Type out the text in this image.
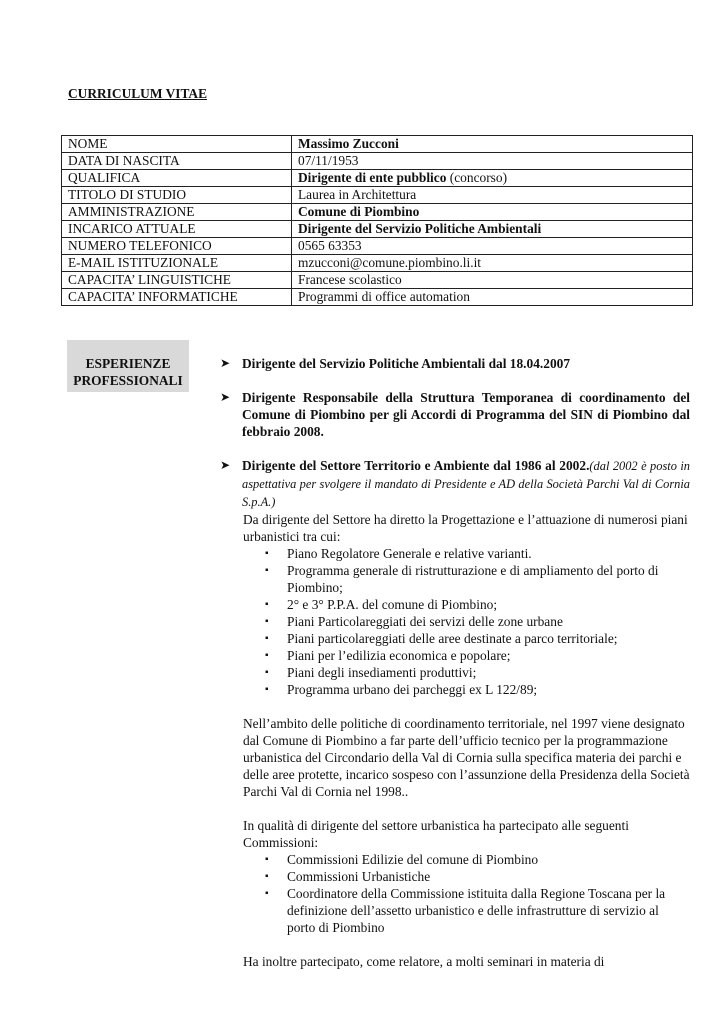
CURRICULUM VITAE
NOME	Massimo Zucconi
DATA DI NASCITA	07/11/1953
QUALIFICA	Dirigente di ente pubblico (concorso)
TITOLO DI STUDIO	Laurea in Architettura
AMMINISTRAZIONE	Comune di Piombino
INCARICO ATTUALE	Dirigente del Servizio Politiche Ambientali
NUMERO TELEFONICO	0565 63353
E-MAIL ISTITUZIONALE	mzucconi@comune.piombino.li.it
CAPACITA’ LINGUISTICHE	Francese scolastico
CAPACITA’ INFORMATICHE	Programmi di office automation
ESPERIENZE
PROFESSIONALI
➤ Dirigente del Servizio Politiche Ambientali dal 18.04.2007
➤ Dirigente Responsabile della Struttura Temporanea di coordinamento del Comune di Piombino per gli Accordi di Programma del SIN di Piombino dal febbraio 2008.
➤ Dirigente del Settore Territorio e Ambiente dal 1986 al 2002.(dal 2002 è posto in aspettativa per svolgere il mandato di Presidente e AD della Società Parchi Val di Cornia S.p.A.)
Da dirigente del Settore ha diretto la Progettazione e l’attuazione di numerosi piani urbanistici tra cui:
▪ Piano Regolatore Generale e relative varianti.
▪ Programma generale di ristrutturazione e di ampliamento del porto di Piombino;
▪ 2° e 3° P.P.A. del comune di Piombino;
▪ Piani Particolareggiati dei servizi delle zone urbane
▪ Piani particolareggiati delle aree destinate a parco territoriale;
▪ Piani per l’edilizia economica e popolare;
▪ Piani degli insediamenti produttivi;
▪ Programma urbano dei parcheggi ex L 122/89;
Nell’ambito delle politiche di coordinamento territoriale, nel 1997 viene designato dal Comune di Piombino a far parte dell’ufficio tecnico per la programmazione urbanistica del Circondario della Val di Cornia sulla specifica materia dei parchi e delle aree protette, incarico sospeso con l’assunzione della Presidenza della Società Parchi Val di Cornia nel 1998..
In qualità di dirigente del settore urbanistica ha partecipato alle seguenti Commissioni:
▪ Commissioni Edilizie del comune di Piombino
▪ Commissioni Urbanistiche
▪ Coordinatore della Commissione istituita dalla Regione Toscana per la definizione dell’assetto urbanistico e delle infrastrutture di servizio al porto di Piombino
Ha inoltre partecipato, come relatore, a molti seminari in materia di
